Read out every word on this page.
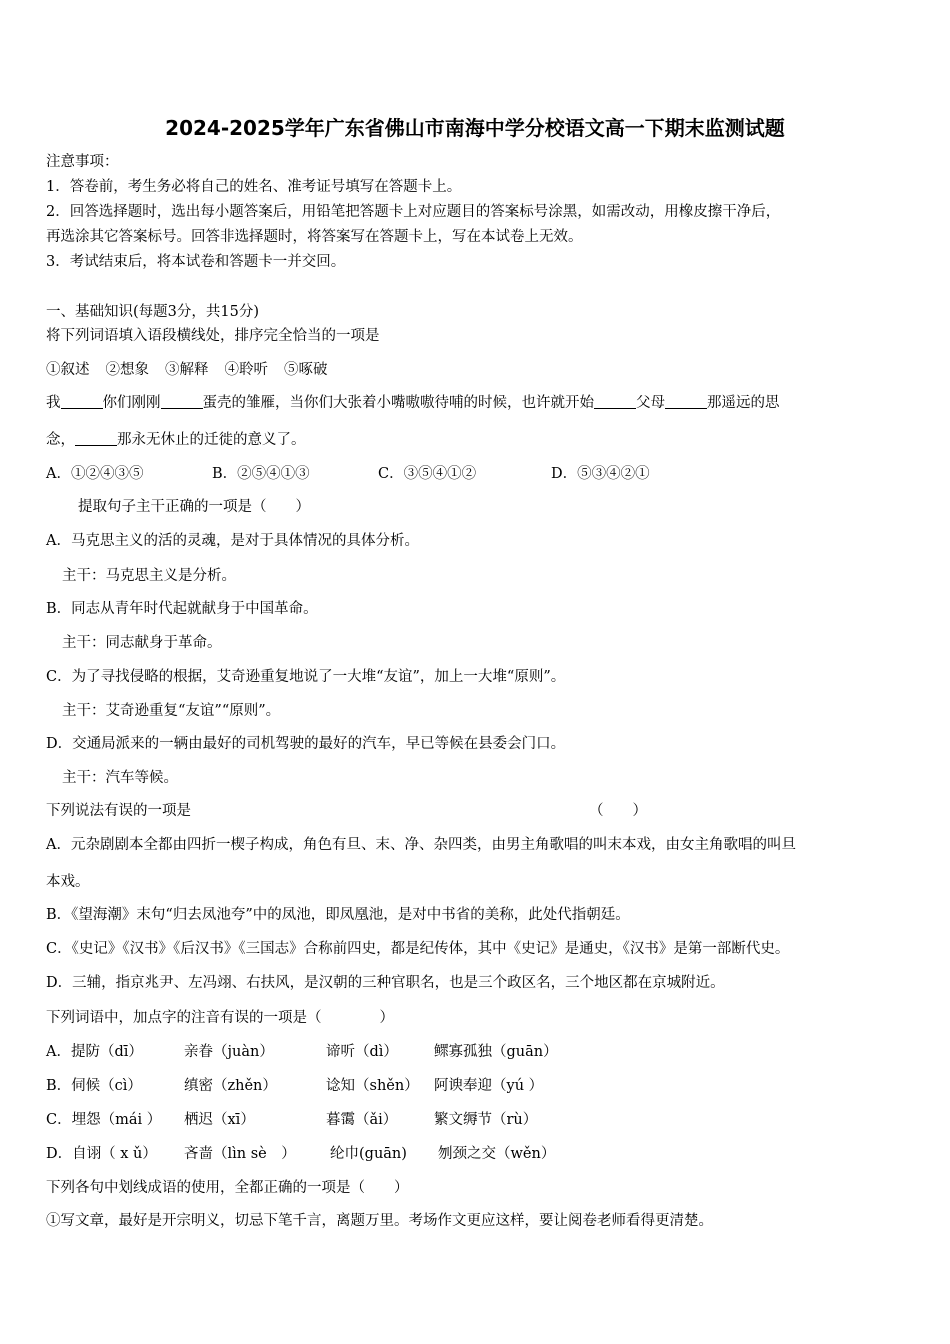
2024-2025学年广东省佛山市南海中学分校语文高一下期末监测试题
注意事项：
1．答卷前，考生务必将自己的姓名、准考证号填写在答题卡上。
2．回答选择题时，选出每小题答案后，用铅笔把答题卡上对应题目的答案标号涂黑，如需改动，用橡皮擦干净后，
再选涂其它答案标号。回答非选择题时，将答案写在答题卡上，写在本试卷上无效。
3．考试结束后，将本试卷和答题卡一并交回。
一、基础知识(每题3分，共15分)
将下列词语填入语段横线处，排序完全恰当的一项是
①叙述 ②想象 ③解释 ④聆听 ⑤啄破
我	你们刚刚	蛋壳的雏雁，当你们大张着小嘴嗷嗷待哺的时候，也许就开始	父母	那遥远的思
念，	那永无休止的迁徙的意义了。
A．①②④③⑤	B．②⑤④①③	C．③⑤④①②	D．⑤③④②①
提取句子主干正确的一项是（　　）
A．马克思主义的活的灵魂，是对于具体情况的具体分析。
主干：马克思主义是分析。
B．同志从青年时代起就献身于中国革命。
主干：同志献身于革命。
C．为了寻找侵略的根据，艾奇逊重复地说了一大堆“友谊”，加上一大堆“原则”。
主干：艾奇逊重复“友谊”“原则”。
D．交通局派来的一辆由最好的司机驾驶的最好的汽车，早已等候在县委会门口。
主干：汽车等候。
下列说法有误的一项是	（　　）
A．元杂剧剧本全都由四折一楔子构成，角色有旦、末、净、杂四类，由男主角歌唱的叫末本戏，由女主角歌唱的叫旦
本戏。
B．《望海潮》末句“归去凤池夸”中的凤池，即凤凰池，是对中书省的美称，此处代指朝廷。
C．《史记》《汉书》《后汉书》《三国志》合称前四史，都是纪传体，其中《史记》是通史，《汉书》是第一部断代史。
D．三辅，指京兆尹、左冯翊、右扶风，是汉朝的三种官职名，也是三个政区名，三个地区都在京城附近。
下列词语中，加点字的注音有误的一项是（　　　　）
A．提防（dī）	亲眷（juàn）	谛听（dì） 鳏寡孤独（guān）
B．伺候（cì）	缜密（zhěn）	谂知（shěn） 阿谀奉迎（yú ）
C．埋怨（mái ） 栖迟（xī）	暮霭（ǎi）	繁文缛节（rù）
D．自诩（ x ǔ） 吝啬（lìn sè　） 纶巾(guān) 刎颈之交（wěn）
下列各句中划线成语的使用，全都正确的一项是（　　）
①写文章，最好是开宗明义，切忌下笔千言，离题万里。考场作文更应这样，要让阅卷老师看得更清楚。
